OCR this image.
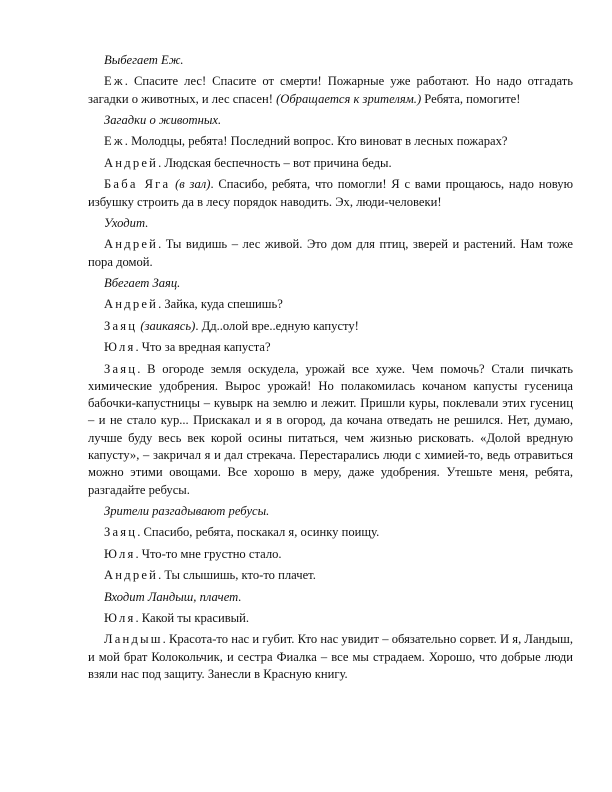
Выбегает Еж.

Еж. Спасите лес! Спасите от смерти! Пожарные уже работают. Но надо отгадать загадки о животных, и лес спасен! (Обращается к зрителям.) Ребята, помогите!

Загадки о животных.

Еж. Молодцы, ребята! Последний вопрос. Кто виноват в лесных пожарах?

Андрей. Людская беспечность – вот причина беды.

Баба Яга (в зал). Спасибо, ребята, что помогли! Я с вами прощаюсь, надо новую избушку строить да в лесу порядок наводить. Эх, люди-человеки!

Уходит.

Андрей. Ты видишь – лес живой. Это дом для птиц, зверей и растений. Нам тоже пора домой.

Вбегает Заяц.

Андрей. Зайка, куда спешишь?

Заяц (заикаясь). Дд..олой вре..едную капусту!

Юля. Что за вредная капуста?

Заяц. В огороде земля оскудела, урожай все хуже. Чем помочь? Стали пичкать химические удобрения. Вырос урожай! Но полакомилась кочаном капусты гусеница бабочки-капустницы – кувырк на землю и лежит. Пришли куры, поклевали этих гусениц – и не стало кур... Прискакал и я в огород, да кочана отведать не решился. Нет, думаю, лучше буду весь век корой осины питаться, чем жизнью рисковать. «Долой вредную капусту», – закричал я и дал стрекача. Перестарались люди с химией-то, ведь отравиться можно этими овощами. Все хорошо в меру, даже удобрения. Утешьте меня, ребята, разгадайте ребусы.

Зрители разгадывают ребусы.

Заяц. Спасибо, ребята, поскакал я, осинку поищу.

Юля. Что-то мне грустно стало.

Андрей. Ты слышишь, кто-то плачет.

Входит Ландыш, плачет.

Юля. Какой ты красивый.

Ландыш. Красота-то нас и губит. Кто нас увидит – обязательно сорвет. И я, Ландыш, и мой брат Колокольчик, и сестра Фиалка – все мы страдаем. Хорошо, что добрые люди взяли нас под защиту. Занесли в Красную книгу.
